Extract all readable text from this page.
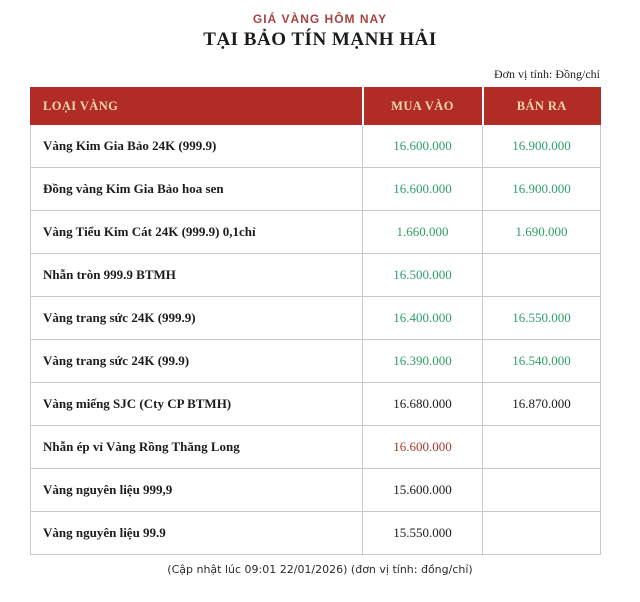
GIÁ VÀNG HÔM NAY
TẠI BẢO TÍN MẠNH HẢI
Đơn vị tính: Đồng/chỉ
LOẠI VÀNG	MUA VÀO	BÁN RA
Vàng Kim Gia Bảo 24K (999.9)	16.600.000	16.900.000
Đồng vàng Kim Gia Bảo hoa sen	16.600.000	16.900.000
Vàng Tiểu Kim Cát 24K (999.9) 0,1chỉ	1.660.000	1.690.000
Nhẫn tròn 999.9 BTMH	16.500.000	
Vàng trang sức 24K (999.9)	16.400.000	16.550.000
Vàng trang sức 24K (99.9)	16.390.000	16.540.000
Vàng miếng SJC (Cty CP BTMH)	16.680.000	16.870.000
Nhẫn ép vỉ Vàng Rồng Thăng Long	16.600.000	
Vàng nguyên liệu 999,9	15.600.000	
Vàng nguyên liệu 99.9	15.550.000	
(Cập nhật lúc 09:01 22/01/2026) (đơn vị tính: đồng/chỉ)
